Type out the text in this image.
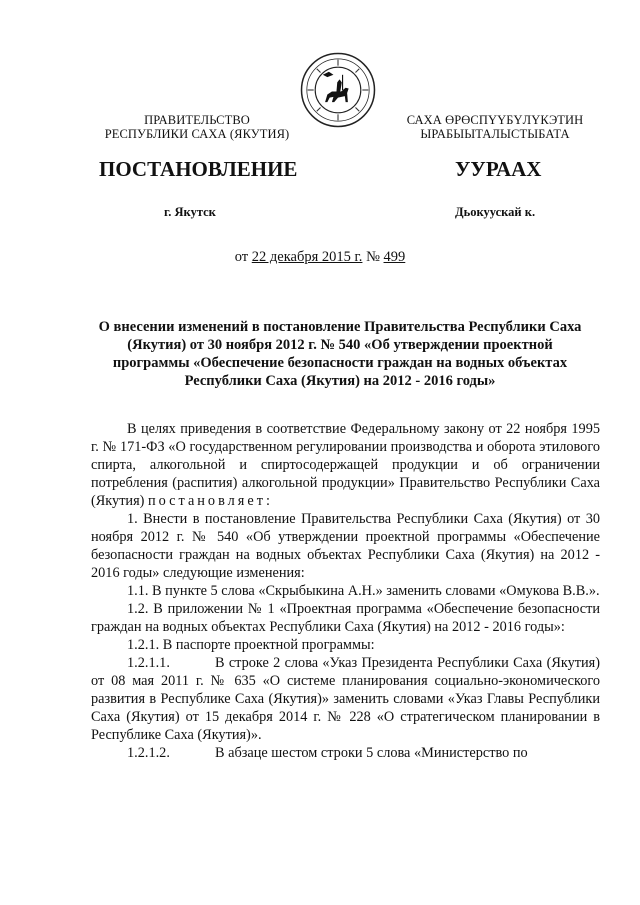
ПРАВИТЕЛЬСТВО
РЕСПУБЛИКИ САХА (ЯКУТИЯ)
САХА ӨРӨСПҮҮБҮЛҮКЭТИН
ЫРАБЫЫТАЛЫСТЫБАТА
ПОСТАНОВЛЕНИЕ	УУРААХ
г. Якутск	Дьокуускай к.
от 22 декабря 2015 г. № 499
О внесении изменений в постановление Правительства Республики Саха (Якутия) от 30 ноября 2012 г. № 540 «Об утверждении проектной программы «Обеспечение безопасности граждан на водных объектах Республики Саха (Якутия) на 2012 - 2016 годы»

В целях приведения в соответствие Федеральному закону от 22 ноября 1995 г. № 171-ФЗ «О государственном регулировании производства и оборота этилового спирта, алкогольной и спиртосодержащей продукции и об ограничении потребления (распития) алкогольной продукции» Правительство Республики Саха (Якутия) постановляет:

1. Внести в постановление Правительства Республики Саха (Якутия) от 30 ноября 2012 г. № 540 «Об утверждении проектной программы «Обеспечение безопасности граждан на водных объектах Республики Саха (Якутия) на 2012 - 2016 годы» следующие изменения:

1.1. В пункте 5 слова «Скрыбыкина А.Н.» заменить словами «Омукова В.В.».

1.2. В приложении № 1 «Проектная программа «Обеспечение безопасности граждан на водных объектах Республики Саха (Якутия) на 2012 - 2016 годы»:

1.2.1. В паспорте проектной программы:

1.2.1.1.	В строке 2 слова «Указ Президента Республики Саха (Якутия) от 08 мая 2011 г. № 635 «О системе планирования социально-экономического развития в Республике Саха (Якутия)» заменить словами «Указ Главы Республики Саха (Якутия) от 15 декабря 2014 г. № 228 «О стратегическом планировании в Республике Саха (Якутия)».

1.2.1.2.	В абзаце шестом строки 5 слова «Министерство по
